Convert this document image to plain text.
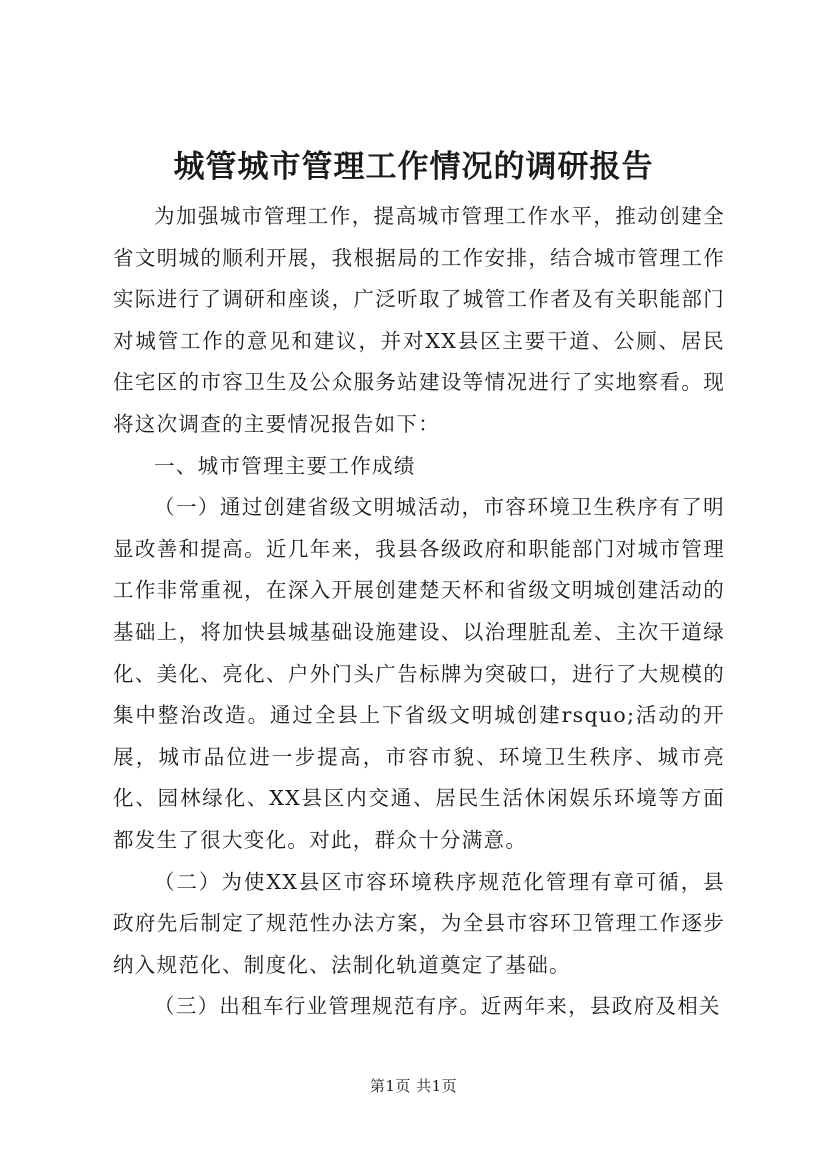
城管城市管理工作情况的调研报告

为加强城市管理工作，提高城市管理工作水平，推动创建全省文明城的顺利开展，我根据局的工作安排，结合城市管理工作实际进行了调研和座谈，广泛听取了城管工作者及有关职能部门对城管工作的意见和建议，并对XX县区主要干道、公厕、居民住宅区的市容卫生及公众服务站建设等情况进行了实地察看。现将这次调查的主要情况报告如下：

一、城市管理主要工作成绩

（一）通过创建省级文明城活动，市容环境卫生秩序有了明显改善和提高。近几年来，我县各级政府和职能部门对城市管理工作非常重视，在深入开展创建楚天杯和省级文明城创建活动的基础上，将加快县城基础设施建设、以治理脏乱差、主次干道绿化、美化、亮化、户外门头广告标牌为突破口，进行了大规模的集中整治改造。通过全县上下省级文明城创建rsquo;活动的开展，城市品位进一步提高，市容市貌、环境卫生秩序、城市亮化、园林绿化、XX县区内交通、居民生活休闲娱乐环境等方面都发生了很大变化。对此，群众十分满意。

（二）为使XX县区市容环境秩序规范化管理有章可循，县政府先后制定了规范性办法方案，为全县市容环卫管理工作逐步纳入规范化、制度化、法制化轨道奠定了基础。

（三）出租车行业管理规范有序。近两年来，县政府及相关

第1页 共1页
